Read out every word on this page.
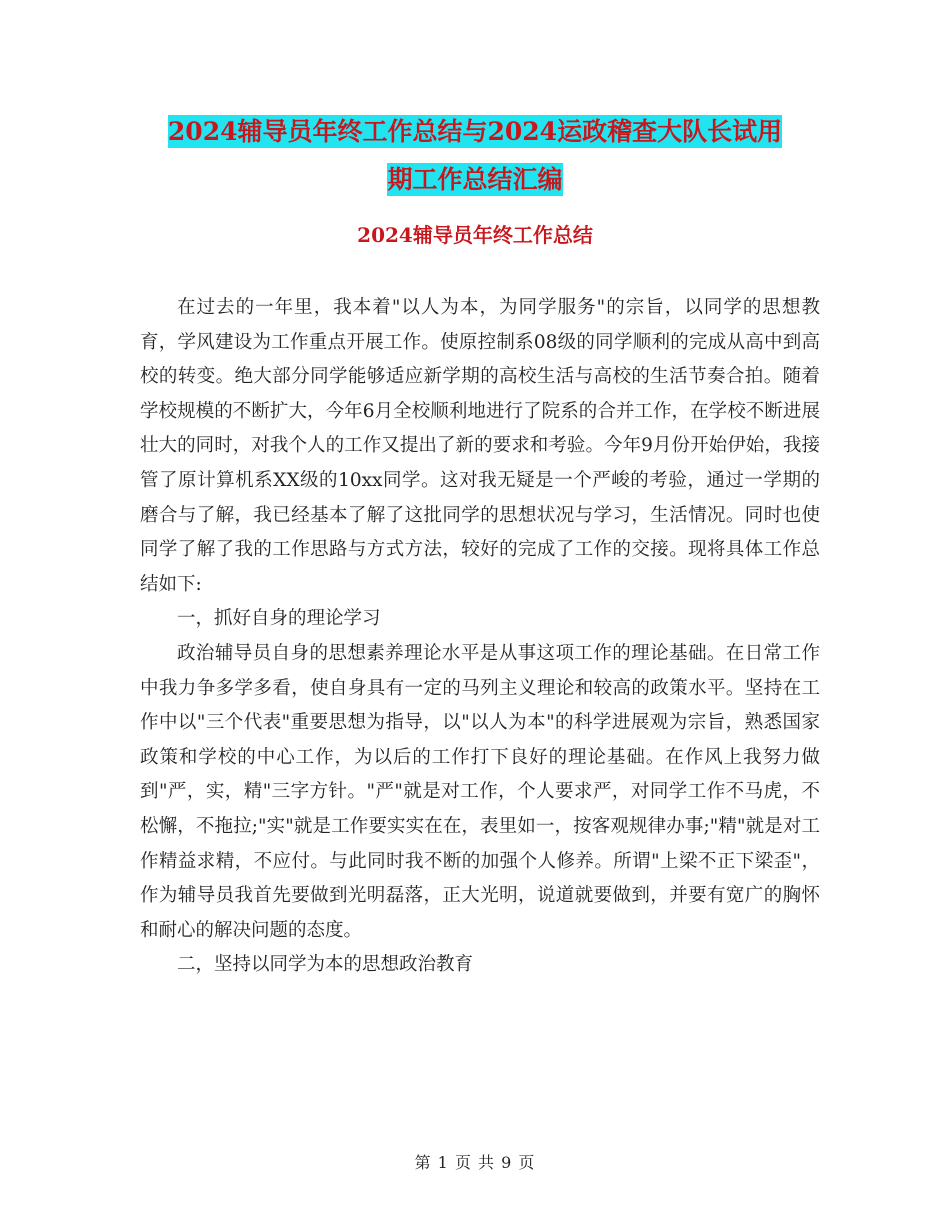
2024辅导员年终工作总结与2024运政稽查大队长试用
期工作总结汇编
2024辅导员年终工作总结

在过去的一年里，我本着"以人为本，为同学服务"的宗旨，以同学的思想教育，学风建设为工作重点开展工作。使原控制系08级的同学顺利的完成从高中到高校的转变。绝大部分同学能够适应新学期的高校生活与高校的生活节奏合拍。随着学校规模的不断扩大，今年6月全校顺利地进行了院系的合并工作，在学校不断进展壮大的同时，对我个人的工作又提出了新的要求和考验。今年9月份开始伊始，我接管了原计算机系XX级的10xx同学。这对我无疑是一个严峻的考验，通过一学期的磨合与了解，我已经基本了解了这批同学的思想状况与学习，生活情况。同时也使同学了解了我的工作思路与方式方法，较好的完成了工作的交接。现将具体工作总结如下:

一，抓好自身的理论学习

政治辅导员自身的思想素养理论水平是从事这项工作的理论基础。在日常工作中我力争多学多看，使自身具有一定的马列主义理论和较高的政策水平。坚持在工作中以"三个代表"重要思想为指导，以"以人为本"的科学进展观为宗旨，熟悉国家政策和学校的中心工作，为以后的工作打下良好的理论基础。在作风上我努力做到"严，实，精"三字方针。"严"就是对工作，个人要求严，对同学工作不马虎，不松懈，不拖拉;"实"就是工作要实实在在，表里如一，按客观规律办事;"精"就是对工作精益求精，不应付。与此同时我不断的加强个人修养。所谓"上梁不正下梁歪"，作为辅导员我首先要做到光明磊落，正大光明，说道就要做到，并要有宽广的胸怀和耐心的解决问题的态度。

二，坚持以同学为本的思想政治教育

第 1 页 共 9 页
